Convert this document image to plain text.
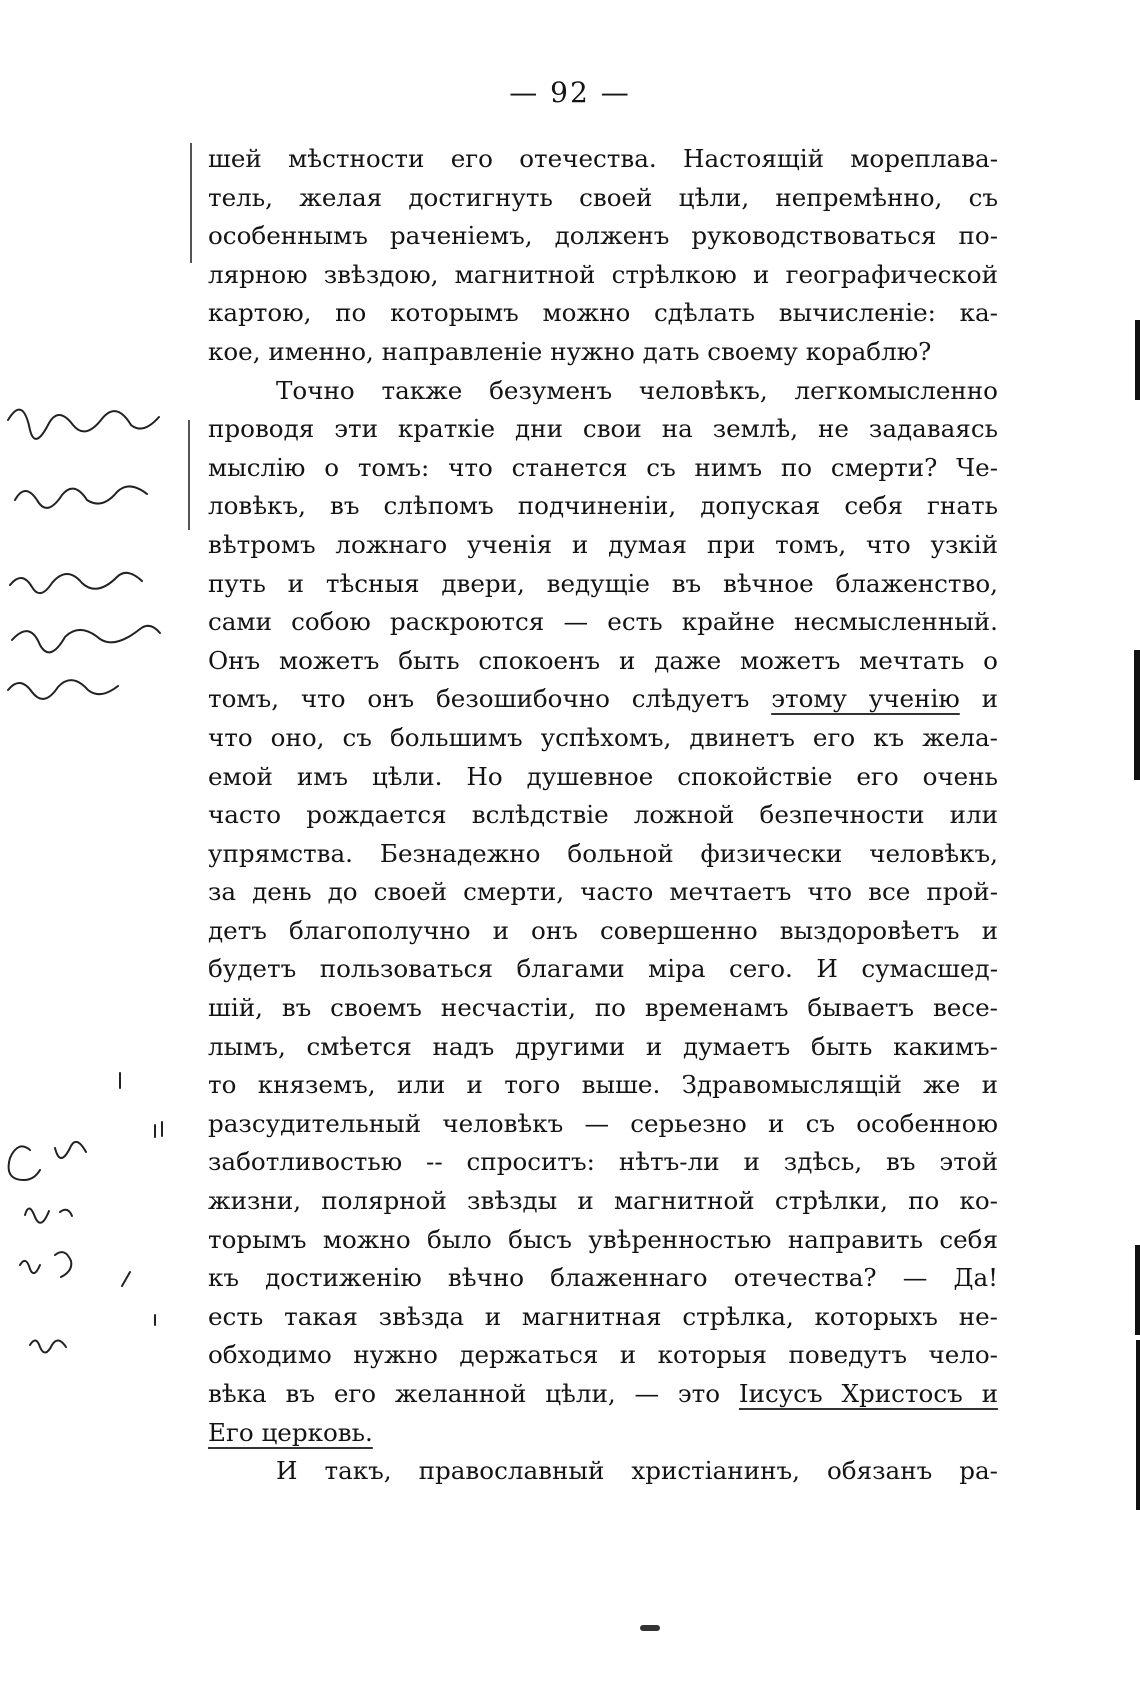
— 92 —
шей мѣстности его отечества. Настоящій мореплава-
тель, желая достигнуть своей цѣли, непремѣнно, съ
особеннымъ раченіемъ, долженъ руководствоваться по-
лярною звѣздою, магнитной стрѣлкою и географической
картою, по которымъ можно сдѣлать вычисленіе: ка-
кое, именно, направленіе нужно дать своему кораблю?
Точно также безуменъ человѣкъ, легкомысленно
проводя эти краткіе дни свои на землѣ, не задаваясь
мыслію о томъ: что станется съ нимъ по смерти? Че-
ловѣкъ, въ слѣпомъ подчиненіи, допуская себя гнать
вѣтромъ ложнаго ученія и думая при томъ, что узкій
путь и тѣсныя двери, ведущіе въ вѣчное блаженство,
сами собою раскроются — есть крайне несмысленный.
Онъ можетъ быть спокоенъ и даже можетъ мечтать о
томъ, что онъ безошибочно слѣдуетъ этому ученію и
что оно, съ большимъ успѣхомъ, двинетъ его къ жела-
емой имъ цѣли. Но душевное спокойствіе его очень
часто рождается вслѣдствіе ложной безпечности или
упрямства. Безнадежно больной физически человѣкъ,
за день до своей смерти, часто мечтаетъ что все прой-
детъ благополучно и онъ совершенно выздоровѣетъ и
будетъ пользоваться благами міра сего. И сумасшед-
шій, въ своемъ несчастіи, по временамъ бываетъ весе-
лымъ, смѣется надъ другими и думаетъ быть какимъ-
то княземъ, или и того выше. Здравомыслящій же и
разсудительный человѣкъ — серьезно и съ особенною
заботливостью -- спроситъ: нѣтъ-ли и здѣсь, въ этой
жизни, полярной звѣзды и магнитной стрѣлки, по ко-
торымъ можно было бысъ увѣренностью направить себя
къ достиженію вѣчно блаженнаго отечества? — Да!
есть такая звѣзда и магнитная стрѣлка, которыхъ не-
обходимо нужно держаться и которыя поведутъ чело-
вѣка въ его желанной цѣли, — это Іисусъ Христосъ и
Его церковь.
И такъ, православный христіанинъ, обязанъ ра-
